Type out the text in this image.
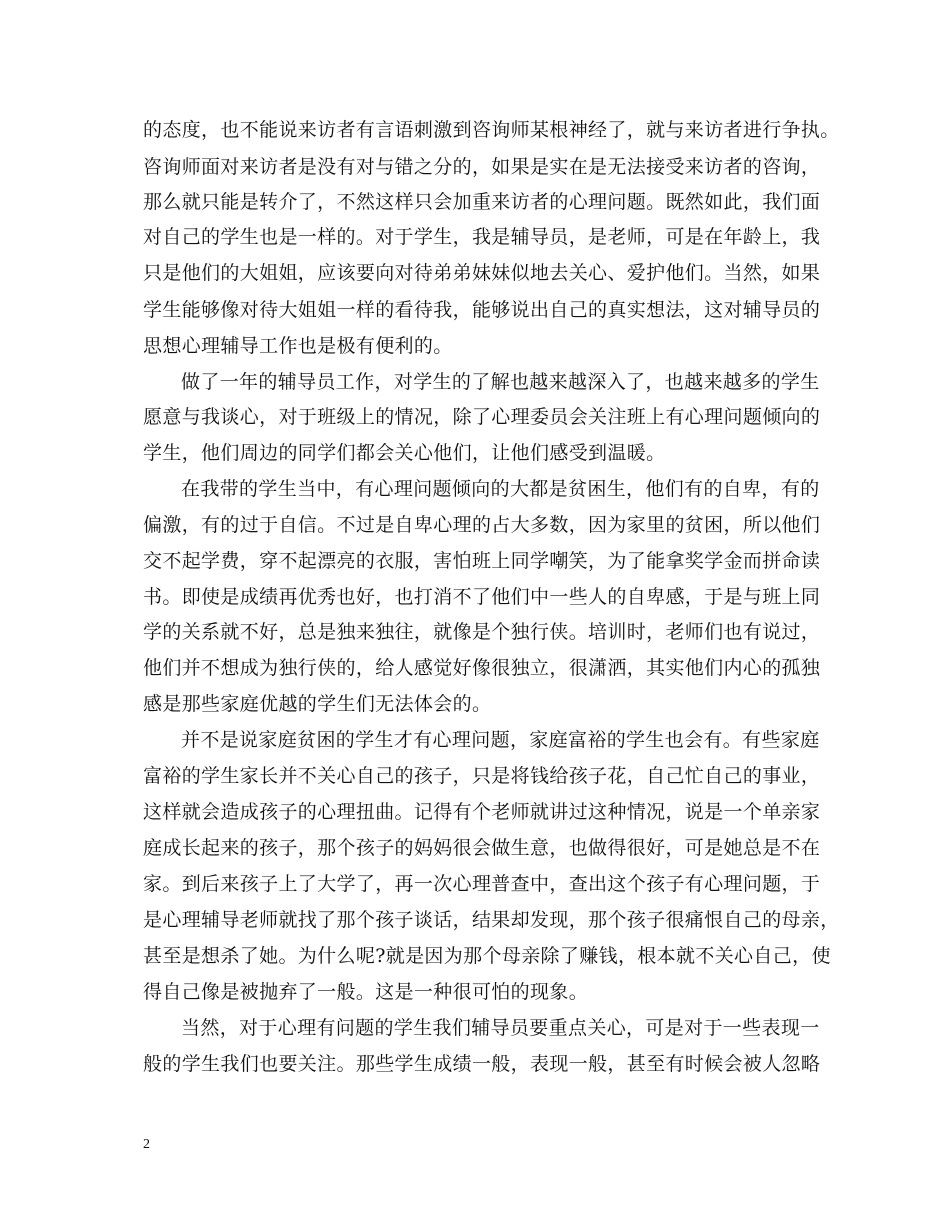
的态度，也不能说来访者有言语刺激到咨询师某根神经了，就与来访者进行争执。
咨询师面对来访者是没有对与错之分的，如果是实在是无法接受来访者的咨询，
那么就只能是转介了，不然这样只会加重来访者的心理问题。既然如此，我们面
对自己的学生也是一样的。对于学生，我是辅导员，是老师，可是在年龄上，我
只是他们的大姐姐，应该要向对待弟弟妹妹似地去关心、爱护他们。当然，如果
学生能够像对待大姐姐一样的看待我，能够说出自己的真实想法，这对辅导员的
思想心理辅导工作也是极有便利的。
做了一年的辅导员工作，对学生的了解也越来越深入了，也越来越多的学生
愿意与我谈心，对于班级上的情况，除了心理委员会关注班上有心理问题倾向的
学生，他们周边的同学们都会关心他们，让他们感受到温暖。
在我带的学生当中，有心理问题倾向的大都是贫困生，他们有的自卑，有的
偏激，有的过于自信。不过是自卑心理的占大多数，因为家里的贫困，所以他们
交不起学费，穿不起漂亮的衣服，害怕班上同学嘲笑，为了能拿奖学金而拼命读
书。即使是成绩再优秀也好，也打消不了他们中一些人的自卑感，于是与班上同
学的关系就不好，总是独来独往，就像是个独行侠。培训时，老师们也有说过，
他们并不想成为独行侠的，给人感觉好像很独立，很潇洒，其实他们内心的孤独
感是那些家庭优越的学生们无法体会的。
并不是说家庭贫困的学生才有心理问题，家庭富裕的学生也会有。有些家庭
富裕的学生家长并不关心自己的孩子，只是将钱给孩子花，自己忙自己的事业，
这样就会造成孩子的心理扭曲。记得有个老师就讲过这种情况，说是一个单亲家
庭成长起来的孩子，那个孩子的妈妈很会做生意，也做得很好，可是她总是不在
家。到后来孩子上了大学了，再一次心理普查中，查出这个孩子有心理问题，于
是心理辅导老师就找了那个孩子谈话，结果却发现，那个孩子很痛恨自己的母亲，
甚至是想杀了她。为什么呢?就是因为那个母亲除了赚钱，根本就不关心自己，使
得自己像是被抛弃了一般。这是一种很可怕的现象。
当然，对于心理有问题的学生我们辅导员要重点关心，可是对于一些表现一
般的学生我们也要关注。那些学生成绩一般，表现一般，甚至有时候会被人忽略
2
